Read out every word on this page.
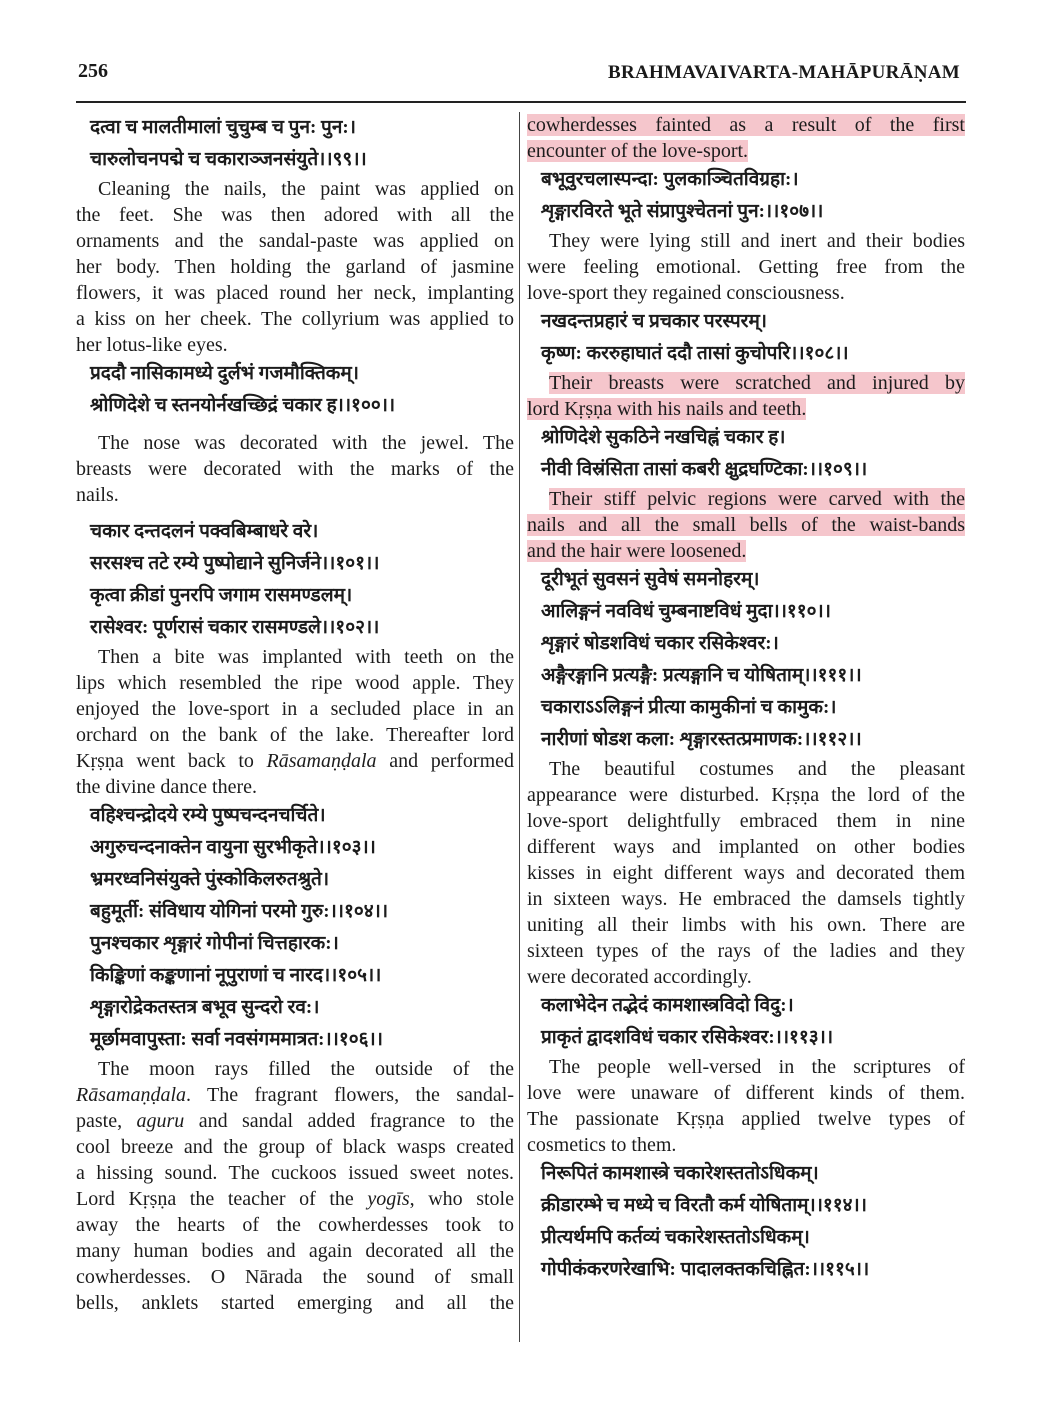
256	BRAHMAVAIVARTA-MAHĀPURĀṆAM
दत्वा च मालतीमालां चुचुम्ब च पुन: पुन:।
चारुलोचनपद्मे च चकाराञ्जनसंयुते।।९९।।
Cleaning the nails, the paint was applied on
the feet. She was then adored with all the
ornaments and the sandal-paste was applied on
her body. Then holding the garland of jasmine
flowers, it was placed round her neck, implanting
a kiss on her cheek. The collyrium was applied to
her lotus-like eyes.
प्रददौ नासिकामध्ये दुर्लभं गजमौक्तिकम्।
श्रोणिदेशे च स्तनयोर्नखच्छिद्रं चकार ह।।१००।।
The nose was decorated with the jewel. The
breasts were decorated with the marks of the
nails.
चकार दन्तदलनं पक्वबिम्बाधरे वरे।
सरसश्च तटे रम्ये पुष्पोद्याने सुनिर्जने।।१०१।।
कृत्वा क्रीडां पुनरपि जगाम रासमण्डलम्।
रासेश्वर: पूर्णरासं चकार रासमण्डले।।१०२।।
Then a bite was implanted with teeth on the
lips which resembled the ripe wood apple. They
enjoyed the love-sport in a secluded place in an
orchard on the bank of the lake. Thereafter lord
Kṛṣṇa went back to Rāsamaṇḍala and performed
the divine dance there.
वहिश्चन्द्रोदये रम्ये पुष्पचन्दनचर्चिते।
अगुरुचन्दनाक्तेन वायुना सुरभीकृते।।१०३।।
भ्रमरध्वनिसंयुक्ते पुंस्कोकिलरुतश्रुते।
बहुमूर्ती: संविधाय योगिनां परमो गुरु:।।१०४।।
पुनश्चकार शृङ्गारं गोपीनां चित्तहारक:।
किङ्किणां कङ्कणानां नूपुराणां च नारद।।१०५।।
शृङ्गारोद्रेकतस्तत्र बभूव सुन्दरो रव:।
मूर्छामवापुस्ता: सर्वा नवसंगममात्रत:।।१०६।।
The moon rays filled the outside of the
Rāsamaṇḍala. The fragrant flowers, the sandal-
paste, aguru and sandal added fragrance to the
cool breeze and the group of black wasps created
a hissing sound. The cuckoos issued sweet notes.
Lord Kṛṣṇa the teacher of the yogīs, who stole
away the hearts of the cowherdesses took to
many human bodies and again decorated all the
cowherdesses. O Nārada the sound of small
bells, anklets started emerging and all the
cowherdesses fainted as a result of the first
encounter of the love-sport.
बभूवुरचलास्पन्दा: पुलकाञ्चितविग्रहा:।
शृङ्गारविरते भूते संप्रापुश्चेतनां पुन:।।१०७।।
They were lying still and inert and their bodies
were feeling emotional. Getting free from the
love-sport they regained consciousness.
नखदन्तप्रहारं च प्रचकार परस्परम्।
कृष्ण: कररुहाघातं ददौ तासां कुचोपरि।।१०८।।
Their breasts were scratched and injured by
lord Kṛṣṇa with his nails and teeth.
श्रोणिदेशे सुकठिने नखचिह्नं चकार ह।
नीवी विस्रंसिता तासां कबरी क्षुद्रघण्टिका:।।१०९।।
Their stiff pelvic regions were carved with the
nails and all the small bells of the waist-bands
and the hair were loosened.
दूरीभूतं सुवसनं सुवेषं समनोहरम्।
आलिङ्गनं नवविधं चुम्बनाष्टविधं मुदा।।११०।।
शृङ्गारं षोडशविधं चकार रसिकेश्वर:।
अङ्गैरङ्गानि प्रत्यङ्गै: प्रत्यङ्गानि च योषिताम्।।१११।।
चकाराऽऽलिङ्गनं प्रीत्या कामुकीनां च कामुक:।
नारीणां षोडश कला: शृङ्गारस्तत्प्रमाणक:।।११२।।
The beautiful costumes and the pleasant
appearance were disturbed. Kṛṣṇa the lord of the
love-sport delightfully embraced them in nine
different ways and implanted on other bodies
kisses in eight different ways and decorated them
in sixteen ways. He embraced the damsels tightly
uniting all their limbs with his own. There are
sixteen types of the rays of the ladies and they
were decorated accordingly.
कलाभेदेन तद्भेदं कामशास्त्रविदो विदु:।
प्राकृतं द्वादशविधं चकार रसिकेश्वर:।।११३।।
The people well-versed in the scriptures of
love were unaware of different kinds of them.
The passionate Kṛṣṇa applied twelve types of
cosmetics to them.
निरूपितं कामशास्त्रे चकारेशस्ततोऽधिकम्।
क्रीडारम्भे च मध्ये च विरतौ कर्म योषिताम्।।११४।।
प्रीत्यर्थमपि कर्तव्यं चकारेशस्ततोऽधिकम्।
गोपीकंकरणरेखाभि: पादालक्तकचिह्नित:।।११५।।
